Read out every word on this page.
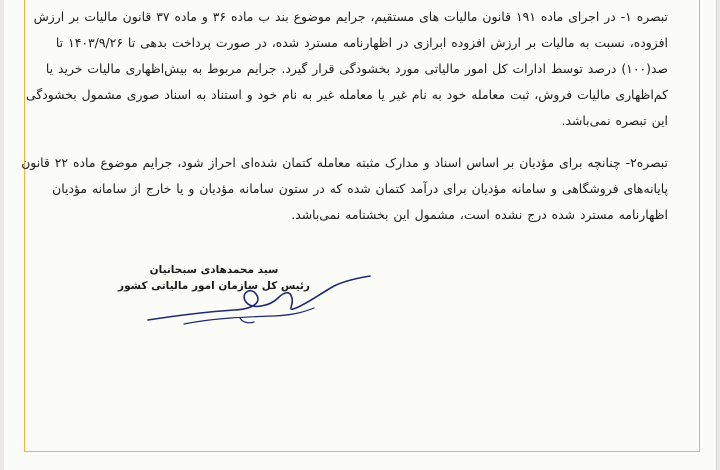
تبصره ۱- در اجرای ماده ۱۹۱ قانون مالیات های مستقیم، جرایم موضوع بند ب ماده ۳۶ و ماده ۳۷ قانون مالیات بر ارزش
افزوده، نسبت به مالیات بر ارزش افزوده ابرازی در اظهارنامه مسترد شده، در صورت پرداخت بدهی تا ۱۴۰۳/۹/۲۶ تا
صد(۱۰۰) درصد توسط ادارات کل امور مالیاتی مورد بخشودگی قرار گیرد. جرایم مربوط به بیش‌اظهاری مالیات خرید یا
کم‌اظهاری مالیات فروش، ثبت معامله خود به نام غیر یا معامله غیر به نام خود و استناد به اسناد صوری مشمول بخشودگی
این تبصره نمی‌باشد.
تبصره۲- چنانچه برای مؤدیان بر اساس اسناد و مدارک مثبته معامله کتمان شده‌ای احراز شود، جرایم موضوع ماده ۲۲ قانون
پایانه‌های فروشگاهی و سامانه مؤدیان برای درآمد کتمان شده که در ستون سامانه مؤدیان و یا خارج از سامانه مؤدیان
اظهارنامه مسترد شده درج نشده است، مشمول این بخشنامه نمی‌باشد.
سید محمدهادی سبحانیان
رئیس کل سازمان امور مالیاتی کشور
